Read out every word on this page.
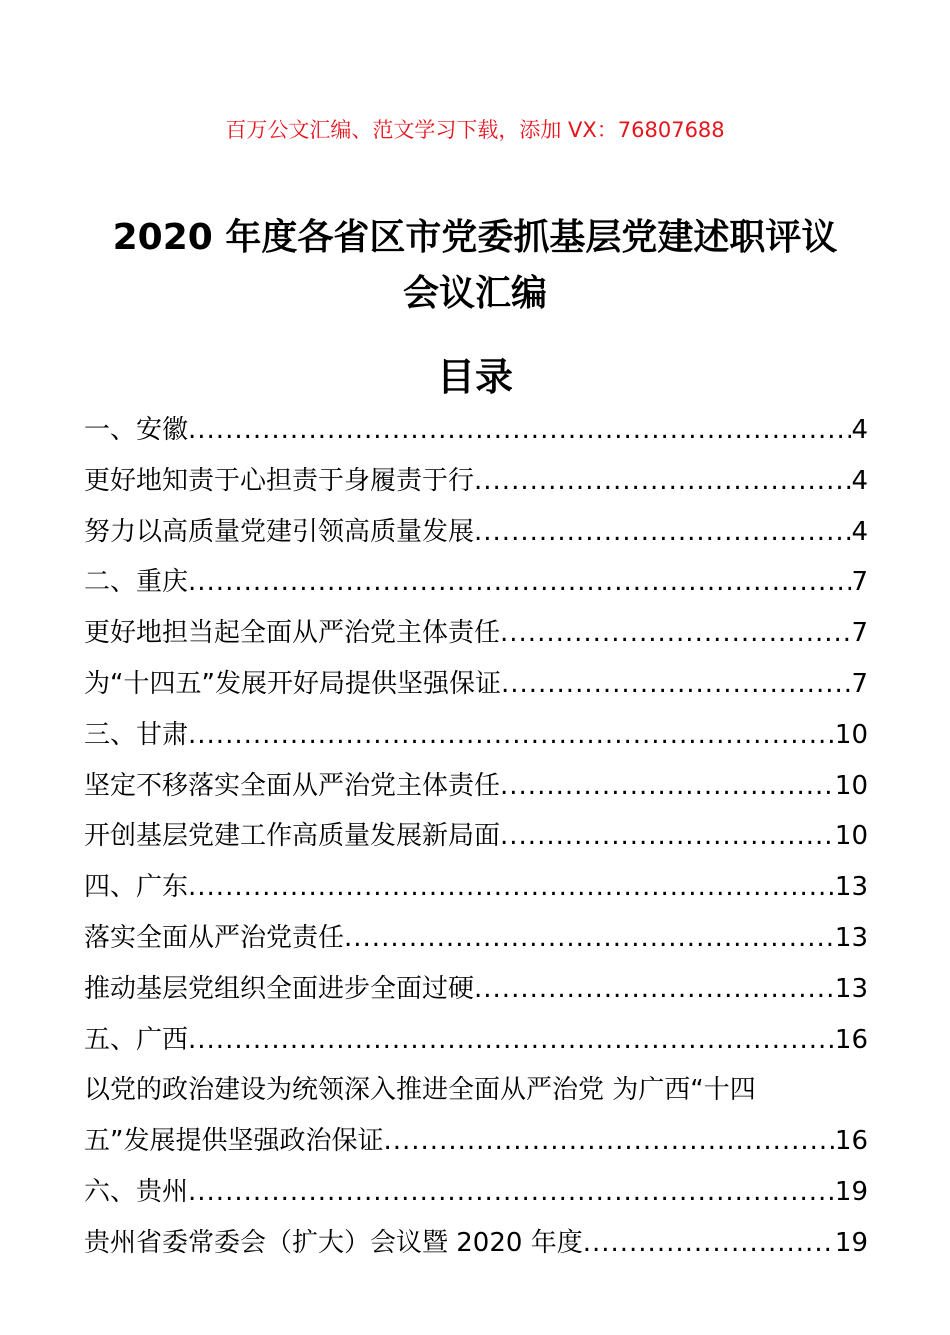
百万公文汇编、范文学习下载，添加 VX：76807688
2020 年度各省区市党委抓基层党建述职评议
会议汇编
目录
一、安徽 .....	4
更好地知责于心担责于身履责于行 .....	4
努力以高质量党建引领高质量发展 .....	4
二、重庆 .....	7
更好地担当起全面从严治党主体责任 .....	7
为“十四五”发展开好局提供坚强保证 .....	7
三、甘肃 .....	10
坚定不移落实全面从严治党主体责任 .....	10
开创基层党建工作高质量发展新局面 .....	10
四、广东 .....	13
落实全面从严治党责任 .....	13
推动基层党组织全面进步全面过硬 .....	13
五、广西 .....	16
以党的政治建设为统领深入推进全面从严治党 为广西“十四
五”发展提供坚强政治保证 .....	16
六、贵州 .....	19
贵州省委常委会（扩大）会议暨 2020 年度 .....	19
